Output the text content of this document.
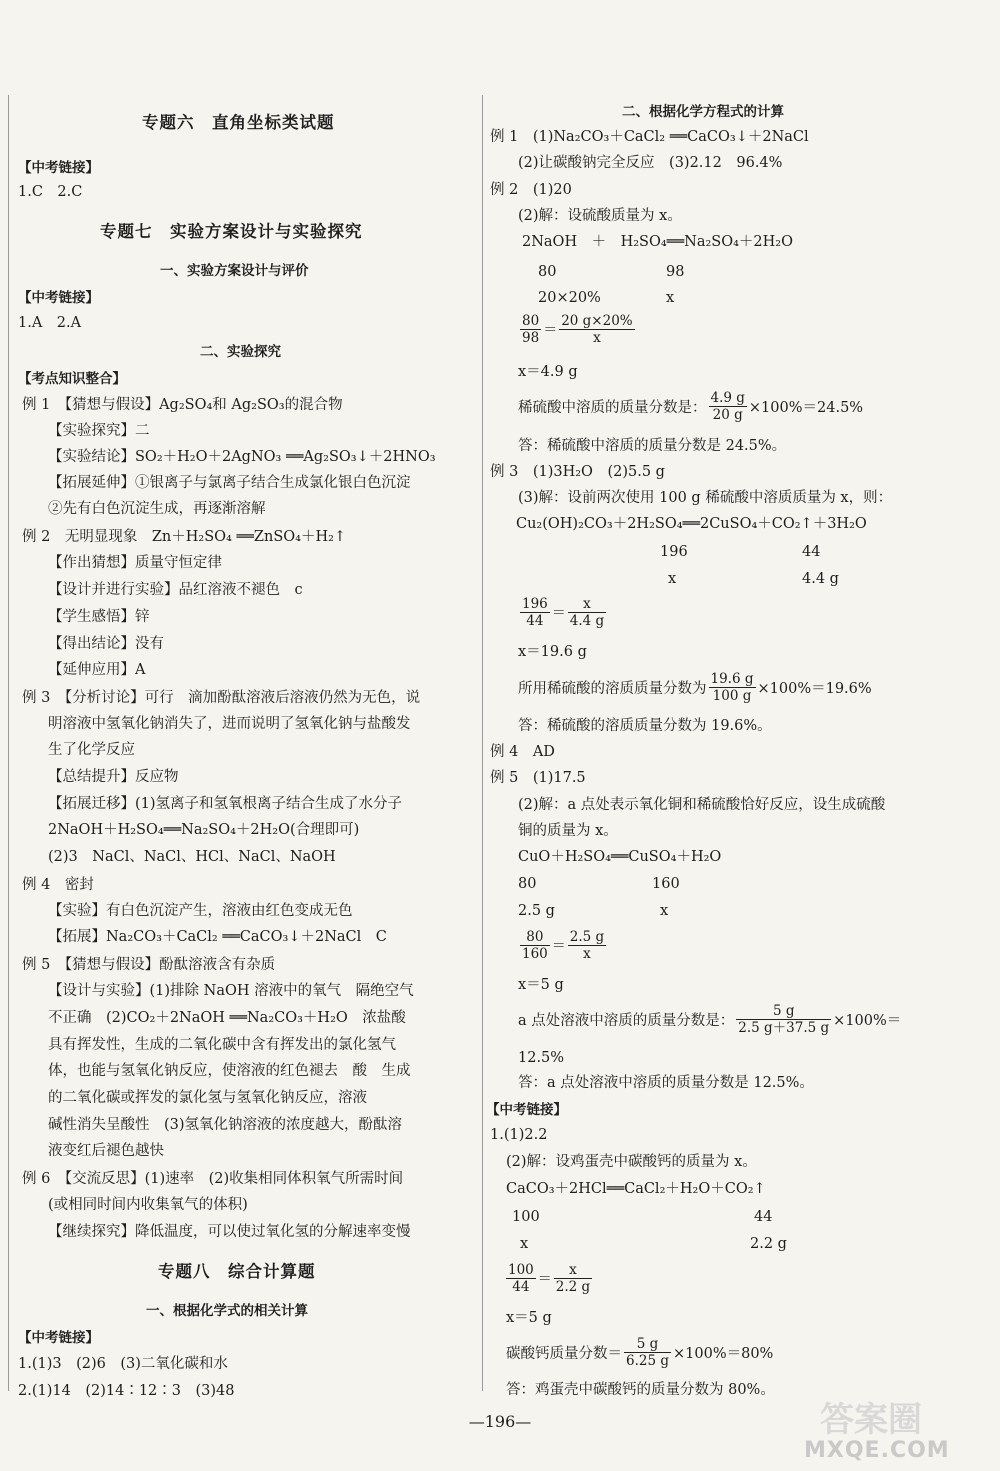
专题六　直角坐标类试题
【中考链接】
1.C　2.C
专题七　实验方案设计与实验探究
一、实验方案设计与评价
【中考链接】
1.A　2.A
二、实验探究
【考点知识整合】
例 1　【猜想与假设】Ag₂SO₄和 Ag₂SO₃的混合物
【实验探究】二
【实验结论】SO₂＋H₂O＋2AgNO₃ ══Ag₂SO₃↓＋2HNO₃
【拓展延伸】①银离子与氯离子结合生成氯化银白色沉淀
②先有白色沉淀生成，再逐渐溶解
例 2　无明显现象　Zn＋H₂SO₄ ══ZnSO₄＋H₂↑
【作出猜想】质量守恒定律
【设计并进行实验】品红溶液不褪色　c
【学生感悟】锌
【得出结论】没有
【延伸应用】A
例 3　【分析讨论】可行　滴加酚酞溶液后溶液仍然为无色，说
明溶液中氢氧化钠消失了，进而说明了氢氧化钠与盐酸发
生了化学反应
【总结提升】反应物
【拓展迁移】(1)氢离子和氢氧根离子结合生成了水分子
2NaOH＋H₂SO₄══Na₂SO₄＋2H₂O(合理即可)
(2)3　NaCl、NaCl、HCl、NaCl、NaOH
例 4　密封
【实验】有白色沉淀产生，溶液由红色变成无色
【拓展】Na₂CO₃＋CaCl₂ ══CaCO₃↓＋2NaCl　C
例 5　【猜想与假设】酚酞溶液含有杂质
【设计与实验】(1)排除 NaOH 溶液中的氧气　隔绝空气
不正确　(2)CO₂＋2NaOH ══Na₂CO₃＋H₂O　浓盐酸
具有挥发性，生成的二氧化碳中含有挥发出的氯化氢气
体，也能与氢氧化钠反应，使溶液的红色褪去　酸　生成
的二氧化碳或挥发的氯化氢与氢氧化钠反应，溶液
碱性消失呈酸性　(3)氢氧化钠溶液的浓度越大，酚酞溶
液变红后褪色越快
例 6　【交流反思】(1)速率　(2)收集相同体积氧气所需时间
(或相同时间内收集氧气的体积)
【继续探究】降低温度，可以使过氧化氢的分解速率变慢
专题八　综合计算题
一、根据化学式的相关计算
【中考链接】
1.(1)3　(2)6　(3)二氧化碳和水
2.(1)14　(2)14∶12∶3　(3)48
二、根据化学方程式的计算
例 1　(1)Na₂CO₃＋CaCl₂ ══CaCO₃↓＋2NaCl
(2)让碳酸钠完全反应　(3)2.12　96.4%
例 2　(1)20
(2)解：设硫酸质量为 x。
2NaOH　＋　H₂SO₄══Na₂SO₄＋2H₂O
80	98
20×20%	x
$\frac{80}{98} = \frac{20 g\times 20\%}{x}$
x＝4.9 g
稀硫酸中溶质的质量分数是： $\frac{4.9 g}{20 g} \times 100\%=24.5\%$
答：稀硫酸中溶质的质量分数是 24.5%。
例 3　(1)3H₂O　(2)5.5 g
(3)解：设前两次使用 100 g 稀硫酸中溶质质量为 x，则：
Cu₂(OH)₂CO₃＋2H₂SO₄══2CuSO₄＋CO₂↑＋3H₂O
196	44
x	4.4 g
$\frac{196}{44} = \frac{x}{4.4 g}$
x＝19.6 g
所用稀硫酸的溶质质量分数为 $\frac{19.6 g}{100 g} \times 100\%=19.6\%$
答：稀硫酸的溶质质量分数为 19.6%。
例 4　AD
例 5　(1)17.5
(2)解：a 点处表示氧化铜和稀硫酸恰好反应，设生成硫酸
铜的质量为 x。
CuO＋H₂SO₄══CuSO₄＋H₂O
80	160
2.5 g	x
$\frac{80}{160} = \frac{2.5 g}{x}$
x＝5 g
a 点处溶液中溶质的质量分数是： $\frac{5 g}{2.5 g+37.5 g} \times 100\%=$
12.5%
答：a 点处溶液中溶质的质量分数是 12.5%。
【中考链接】
1.(1)2.2
(2)解：设鸡蛋壳中碳酸钙的质量为 x。
CaCO₃＋2HCl══CaCl₂＋H₂O＋CO₂↑
100	44
x	2.2 g
$\frac{100}{44} = \frac{x}{2.2 g}$
x＝5 g
碳酸钙质量分数＝ $\frac{5 g}{6.25 g} \times 100\%=80\%$
答：鸡蛋壳中碳酸钙的质量分数为 80%。
—196—	答案圈
MXQE.COM
